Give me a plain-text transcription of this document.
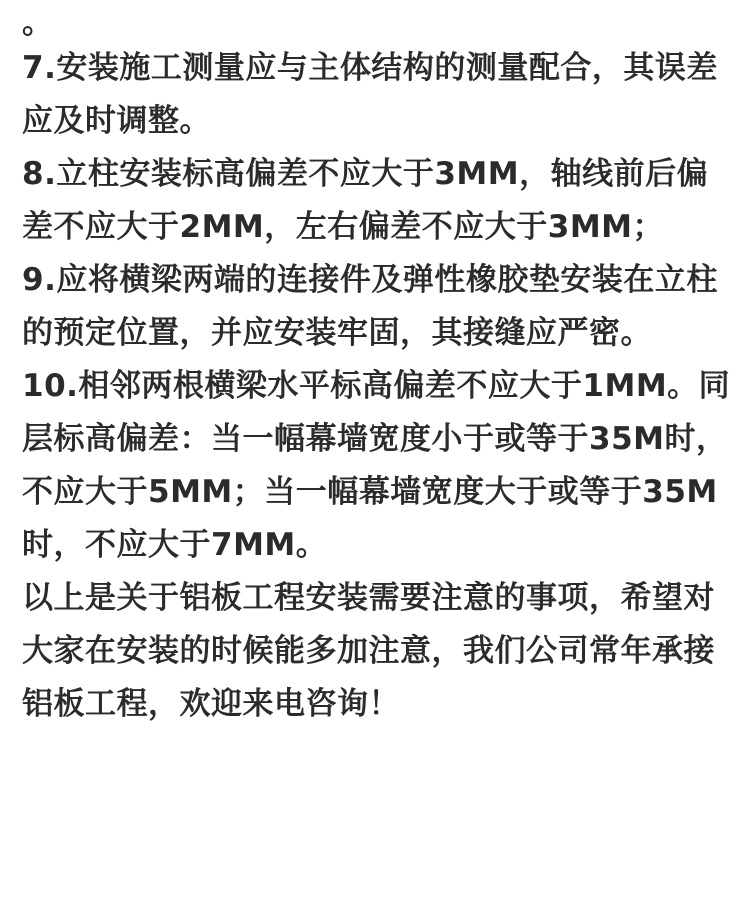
。

7.安装施工测量应与主体结构的测量配合，其误差应及时调整。

8.立柱安装标高偏差不应大于3MM，轴线前后偏差不应大于2MM，左右偏差不应大于3MM；

9.应将横梁两端的连接件及弹性橡胶垫安装在立柱的预定位置，并应安装牢固，其接缝应严密。

10.相邻两根横梁水平标高偏差不应大于1MM。同层标高偏差：当一幅幕墙宽度小于或等于35M时，不应大于5MM；当一幅幕墙宽度大于或等于35M时，不应大于7MM。

以上是关于铝板工程安装需要注意的事项，希望对大家在安装的时候能多加注意，我们公司常年承接铝板工程，欢迎来电咨询！
